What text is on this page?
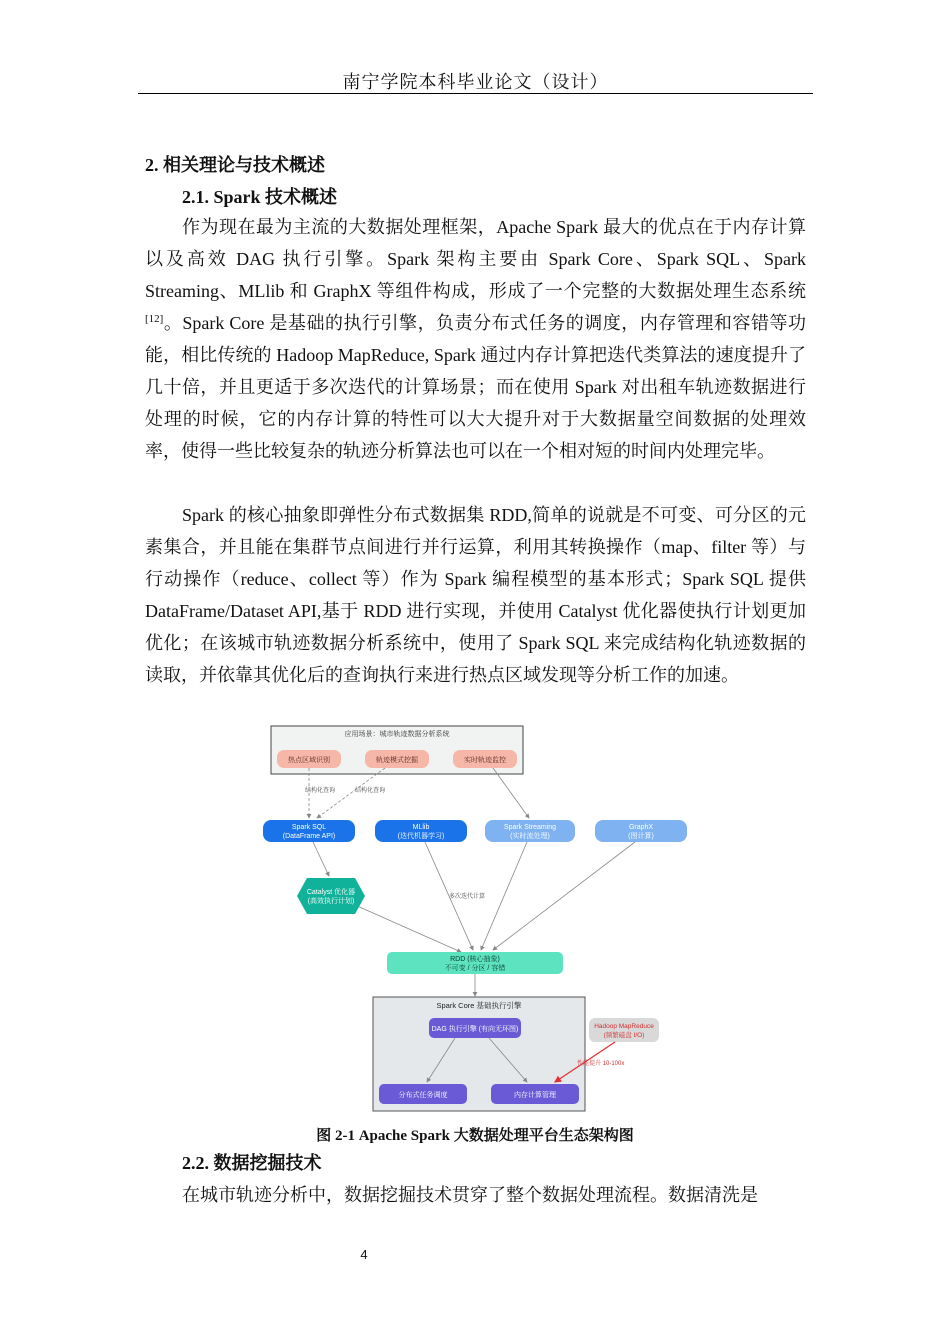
南宁学院本科毕业论文（设计）
2. 相关理论与技术概述
2.1. Spark 技术概述
作为现在最为主流的大数据处理框架，Apache Spark 最大的优点在于内存计算以及高效 DAG 执行引擎。Spark 架构主要由 Spark Core、Spark SQL、Spark Streaming、MLlib 和 GraphX 等组件构成，形成了一个完整的大数据处理生态系统[12]。Spark Core 是基础的执行引擎，负责分布式任务的调度，内存管理和容错等功能，相比传统的 Hadoop MapReduce, Spark 通过内存计算把迭代类算法的速度提升了几十倍，并且更适于多次迭代的计算场景；而在使用 Spark 对出租车轨迹数据进行处理的时候，它的内存计算的特性可以大大提升对于大数据量空间数据的处理效率，使得一些比较复杂的轨迹分析算法也可以在一个相对短的时间内处理完毕。
Spark 的核心抽象即弹性分布式数据集 RDD,简单的说就是不可变、可分区的元素集合，并且能在集群节点间进行并行运算，利用其转换操作（map、filter 等）与行动操作（reduce、collect 等）作为 Spark 编程模型的基本形式；Spark SQL 提供 DataFrame/Dataset API,基于 RDD 进行实现，并使用 Catalyst 优化器使执行计划更加优化；在该城市轨迹数据分析系统中，使用了 Spark SQL 来完成结构化轨迹数据的读取，并依靠其优化后的查询执行来进行热点区域发现等分析工作的加速。
应用场景：城市轨迹数据分析系统
热点区域识别	轨迹模式挖掘	实时轨迹监控
结构化查询	结构化查询
Spark SQL
(DataFrame API)
MLlib
(迭代机器学习)
Spark Streaming
(实时流处理)
GraphX
(图计算)
多次迭代计算
Catalyst 优化器
(高效执行计划)
RDD (核心抽象)
不可变 / 分区 / 容错
Spark Core 基础执行引擎
DAG 执行引擎 (有向无环图)
分布式任务调度	内存计算管理
Hadoop MapReduce
(频繁磁盘 I/O)
性能提升 10-100x
图 2-1 Apache Spark 大数据处理平台生态架构图
2.2. 数据挖掘技术
在城市轨迹分析中，数据挖掘技术贯穿了整个数据处理流程。数据清洗是
4
